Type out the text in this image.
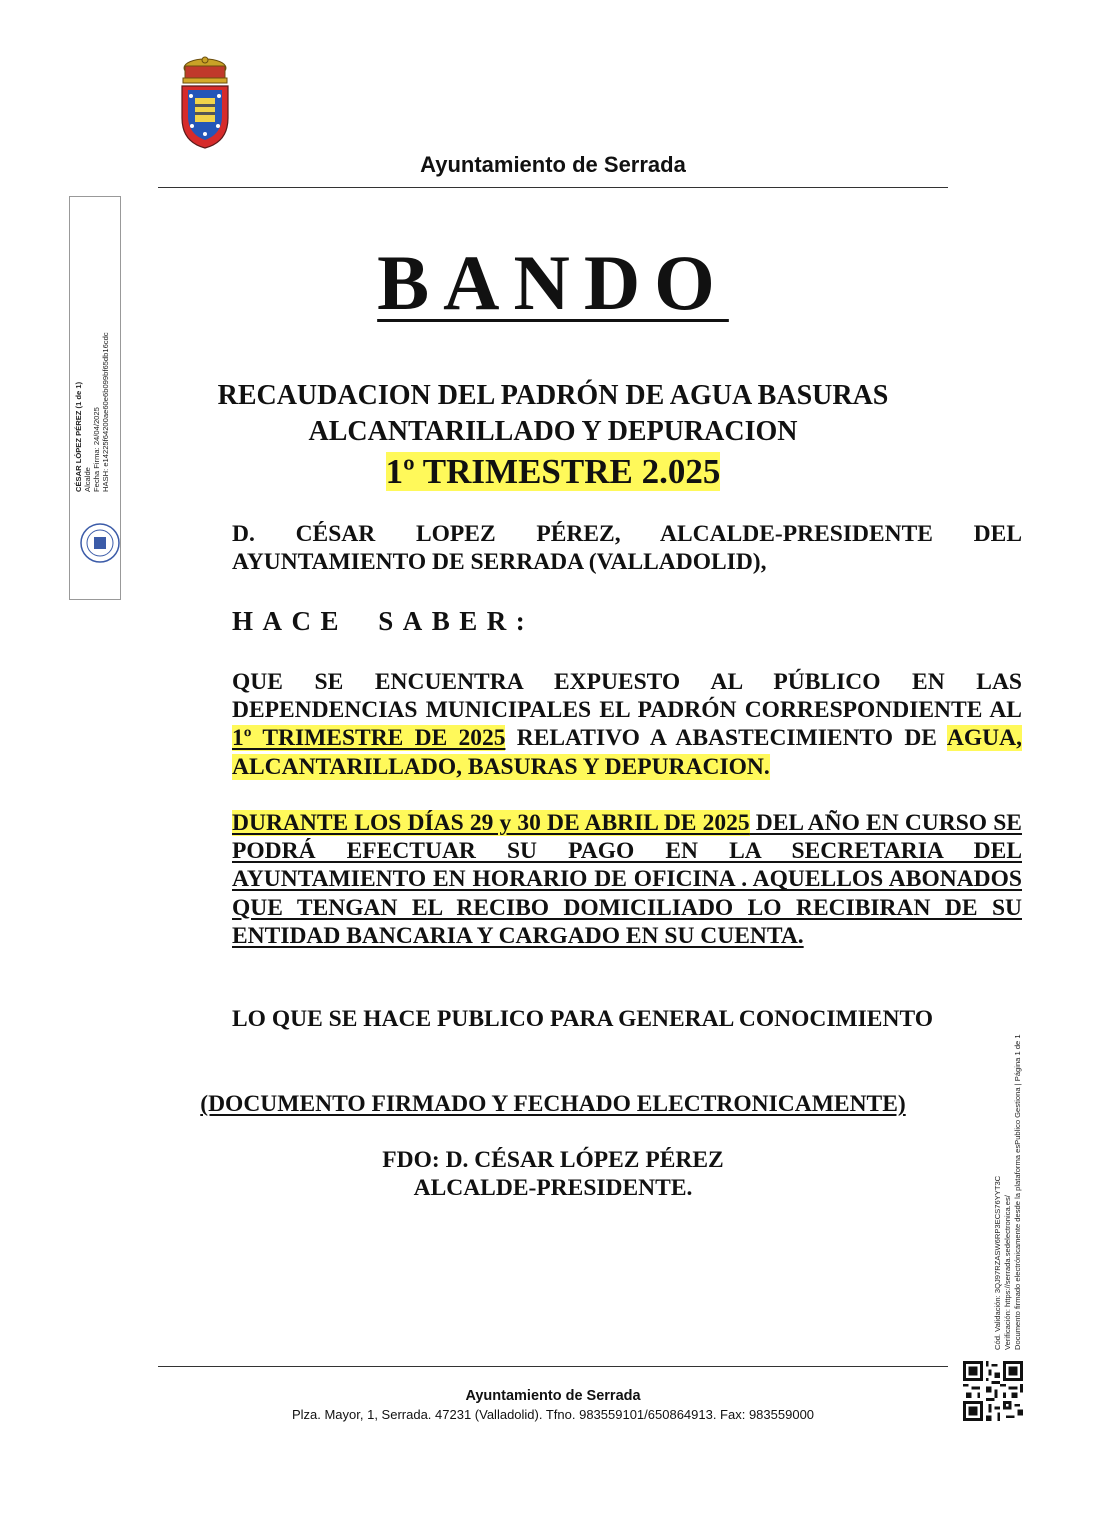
Ayuntamiento de Serrada
BANDO
RECAUDACION DEL PADRÓN DE AGUA BASURAS
ALCANTARILLADO Y DEPURACION
1º TRIMESTRE 2.025
D. CÉSAR LOPEZ PÉREZ, ALCALDE-PRESIDENTE DEL AYUNTAMIENTO DE SERRADA (VALLADOLID),
HACE SABER:
QUE SE ENCUENTRA EXPUESTO AL PÚBLICO EN LAS DEPENDENCIAS MUNICIPALES EL PADRÓN CORRESPONDIENTE AL 1º TRIMESTRE DE 2025 RELATIVO A ABASTECIMIENTO DE AGUA, ALCANTARILLADO, BASURAS Y DEPURACION.
DURANTE LOS DÍAS 29 y 30 DE ABRIL DE 2025 DEL AÑO EN CURSO SE PODRÁ EFECTUAR SU PAGO EN LA SECRETARIA DEL AYUNTAMIENTO EN HORARIO DE OFICINA . AQUELLOS ABONADOS QUE TENGAN EL RECIBO DOMICILIADO LO RECIBIRAN DE SU ENTIDAD BANCARIA Y CARGADO EN SU CUENTA.
LO QUE SE HACE PUBLICO PARA GENERAL CONOCIMIENTO
(DOCUMENTO FIRMADO Y FECHADO ELECTRONICAMENTE)
FDO: D. CÉSAR LÓPEZ PÉREZ
ALCALDE-PRESIDENTE.
Ayuntamiento de Serrada
Plza. Mayor, 1, Serrada. 47231 (Valladolid). Tfno. 983559101/650864913. Fax: 983559000
CÉSAR LÓPEZ PÉREZ (1 de 1) Alcalde Fecha Firma: 24/04/2025 HASH: e14225f64200ae60e6b099bf65db16cdc
Cód. Validación: 3QJ97RZASW6RP3ECS76YYT3C Verificación: https://serrada.sedelectronica.es/ Documento firmado electrónicamente desde la plataforma esPublico Gestiona | Página 1 de 1
